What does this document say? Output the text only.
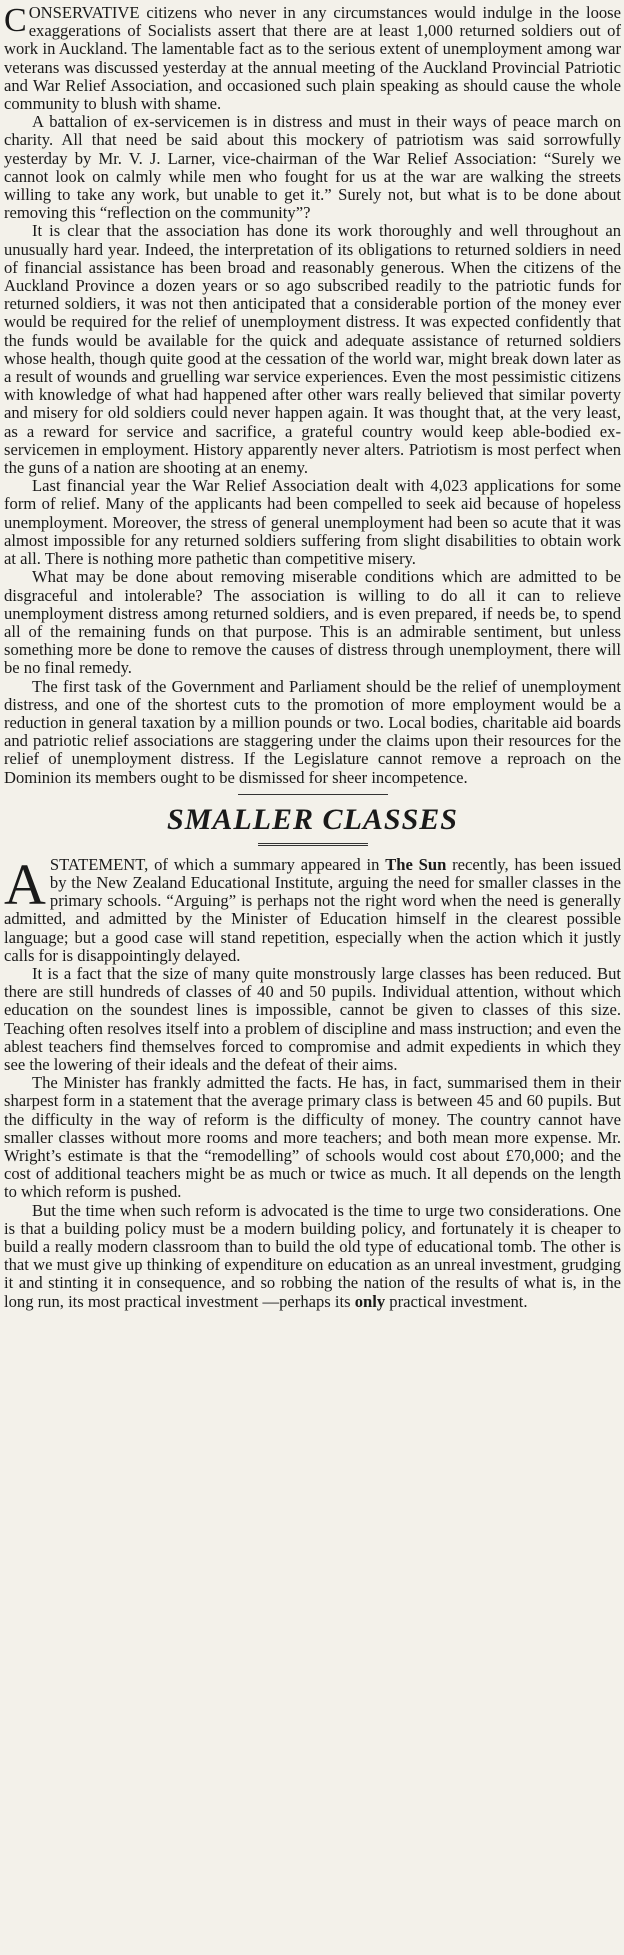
CONSERVATIVE citizens who never in any circumstances would indulge in the loose exaggerations of Socialists assert that there are at least 1,000 returned soldiers out of work in Auckland. The lamentable fact as to the serious extent of unemployment among war veterans was discussed yesterday at the annual meeting of the Auckland Provincial Patriotic and War Relief Association, and occasioned such plain speaking as should cause the whole community to blush with shame.

A battalion of ex-servicemen is in distress and must in their ways of peace march on charity. All that need be said about this mockery of patriotism was said sorrowfully yesterday by Mr. V. J. Larner, vice-chairman of the War Relief Association: “Surely we cannot look on calmly while men who fought for us at the war are walking the streets willing to take any work, but unable to get it.” Surely not, but what is to be done about removing this “reflection on the community”?

It is clear that the association has done its work thoroughly and well throughout an unusually hard year. Indeed, the interpretation of its obligations to returned soldiers in need of financial assistance has been broad and reasonably generous. When the citizens of the Auckland Province a dozen years or so ago subscribed readily to the patriotic funds for returned soldiers, it was not then anticipated that a considerable portion of the money ever would be required for the relief of unemployment distress. It was expected confidently that the funds would be available for the quick and adequate assistance of returned soldiers whose health, though quite good at the cessation of the world war, might break down later as a result of wounds and gruelling war service experiences. Even the most pessimistic citizens with knowledge of what had happened after other wars really believed that similar poverty and misery for old soldiers could never happen again. It was thought that, at the very least, as a reward for service and sacrifice, a grateful country would keep able-bodied ex-servicemen in employment. History apparently never alters. Patriotism is most perfect when the guns of a nation are shooting at an enemy.

Last financial year the War Relief Association dealt with 4,023 applications for some form of relief. Many of the applicants had been compelled to seek aid because of hopeless unemployment. Moreover, the stress of general unemployment had been so acute that it was almost impossible for any returned soldiers suffering from slight disabilities to obtain work at all. There is nothing more pathetic than competitive misery.

What may be done about removing miserable conditions which are admitted to be disgraceful and intolerable? The association is willing to do all it can to relieve unemployment distress among returned soldiers, and is even prepared, if needs be, to spend all of the remaining funds on that purpose. This is an admirable sentiment, but unless something more be done to remove the causes of distress through unemployment, there will be no final remedy.

The first task of the Government and Parliament should be the relief of unemployment distress, and one of the shortest cuts to the promotion of more employment would be a reduction in general taxation by a million pounds or two. Local bodies, charitable aid boards and patriotic relief associations are staggering under the claims upon their resources for the relief of unemployment distress. If the Legislature cannot remove a reproach on the Dominion its members ought to be dismissed for sheer incompetence.

SMALLER CLASSES

A STATEMENT, of which a summary appeared in The Sun recently, has been issued by the New Zealand Educational Institute, arguing the need for smaller classes in the primary schools. “Arguing” is perhaps not the right word when the need is generally admitted, and admitted by the Minister of Education himself in the clearest possible language; but a good case will stand repetition, especially when the action which it justly calls for is disappointingly delayed.

It is a fact that the size of many quite monstrously large classes has been reduced. But there are still hundreds of classes of 40 and 50 pupils. Individual attention, without which education on the soundest lines is impossible, cannot be given to classes of this size. Teaching often resolves itself into a problem of discipline and mass instruction; and even the ablest teachers find themselves forced to compromise and admit expedients in which they see the lowering of their ideals and the defeat of their aims.

The Minister has frankly admitted the facts. He has, in fact, summarised them in their sharpest form in a statement that the average primary class is between 45 and 60 pupils. But the difficulty in the way of reform is the difficulty of money. The country cannot have smaller classes without more rooms and more teachers; and both mean more expense. Mr. Wright’s estimate is that the “remodelling” of schools would cost about £70,000; and the cost of additional teachers might be as much or twice as much. It all depends on the length to which reform is pushed.

But the time when such reform is advocated is the time to urge two considerations. One is that a building policy must be a modern building policy, and fortunately it is cheaper to build a really modern classroom than to build the old type of educational tomb. The other is that we must give up thinking of expenditure on education as an unreal investment, grudging it and stinting it in consequence, and so robbing the nation of the results of what is, in the long run, its most practical investment —perhaps its only practical investment.
